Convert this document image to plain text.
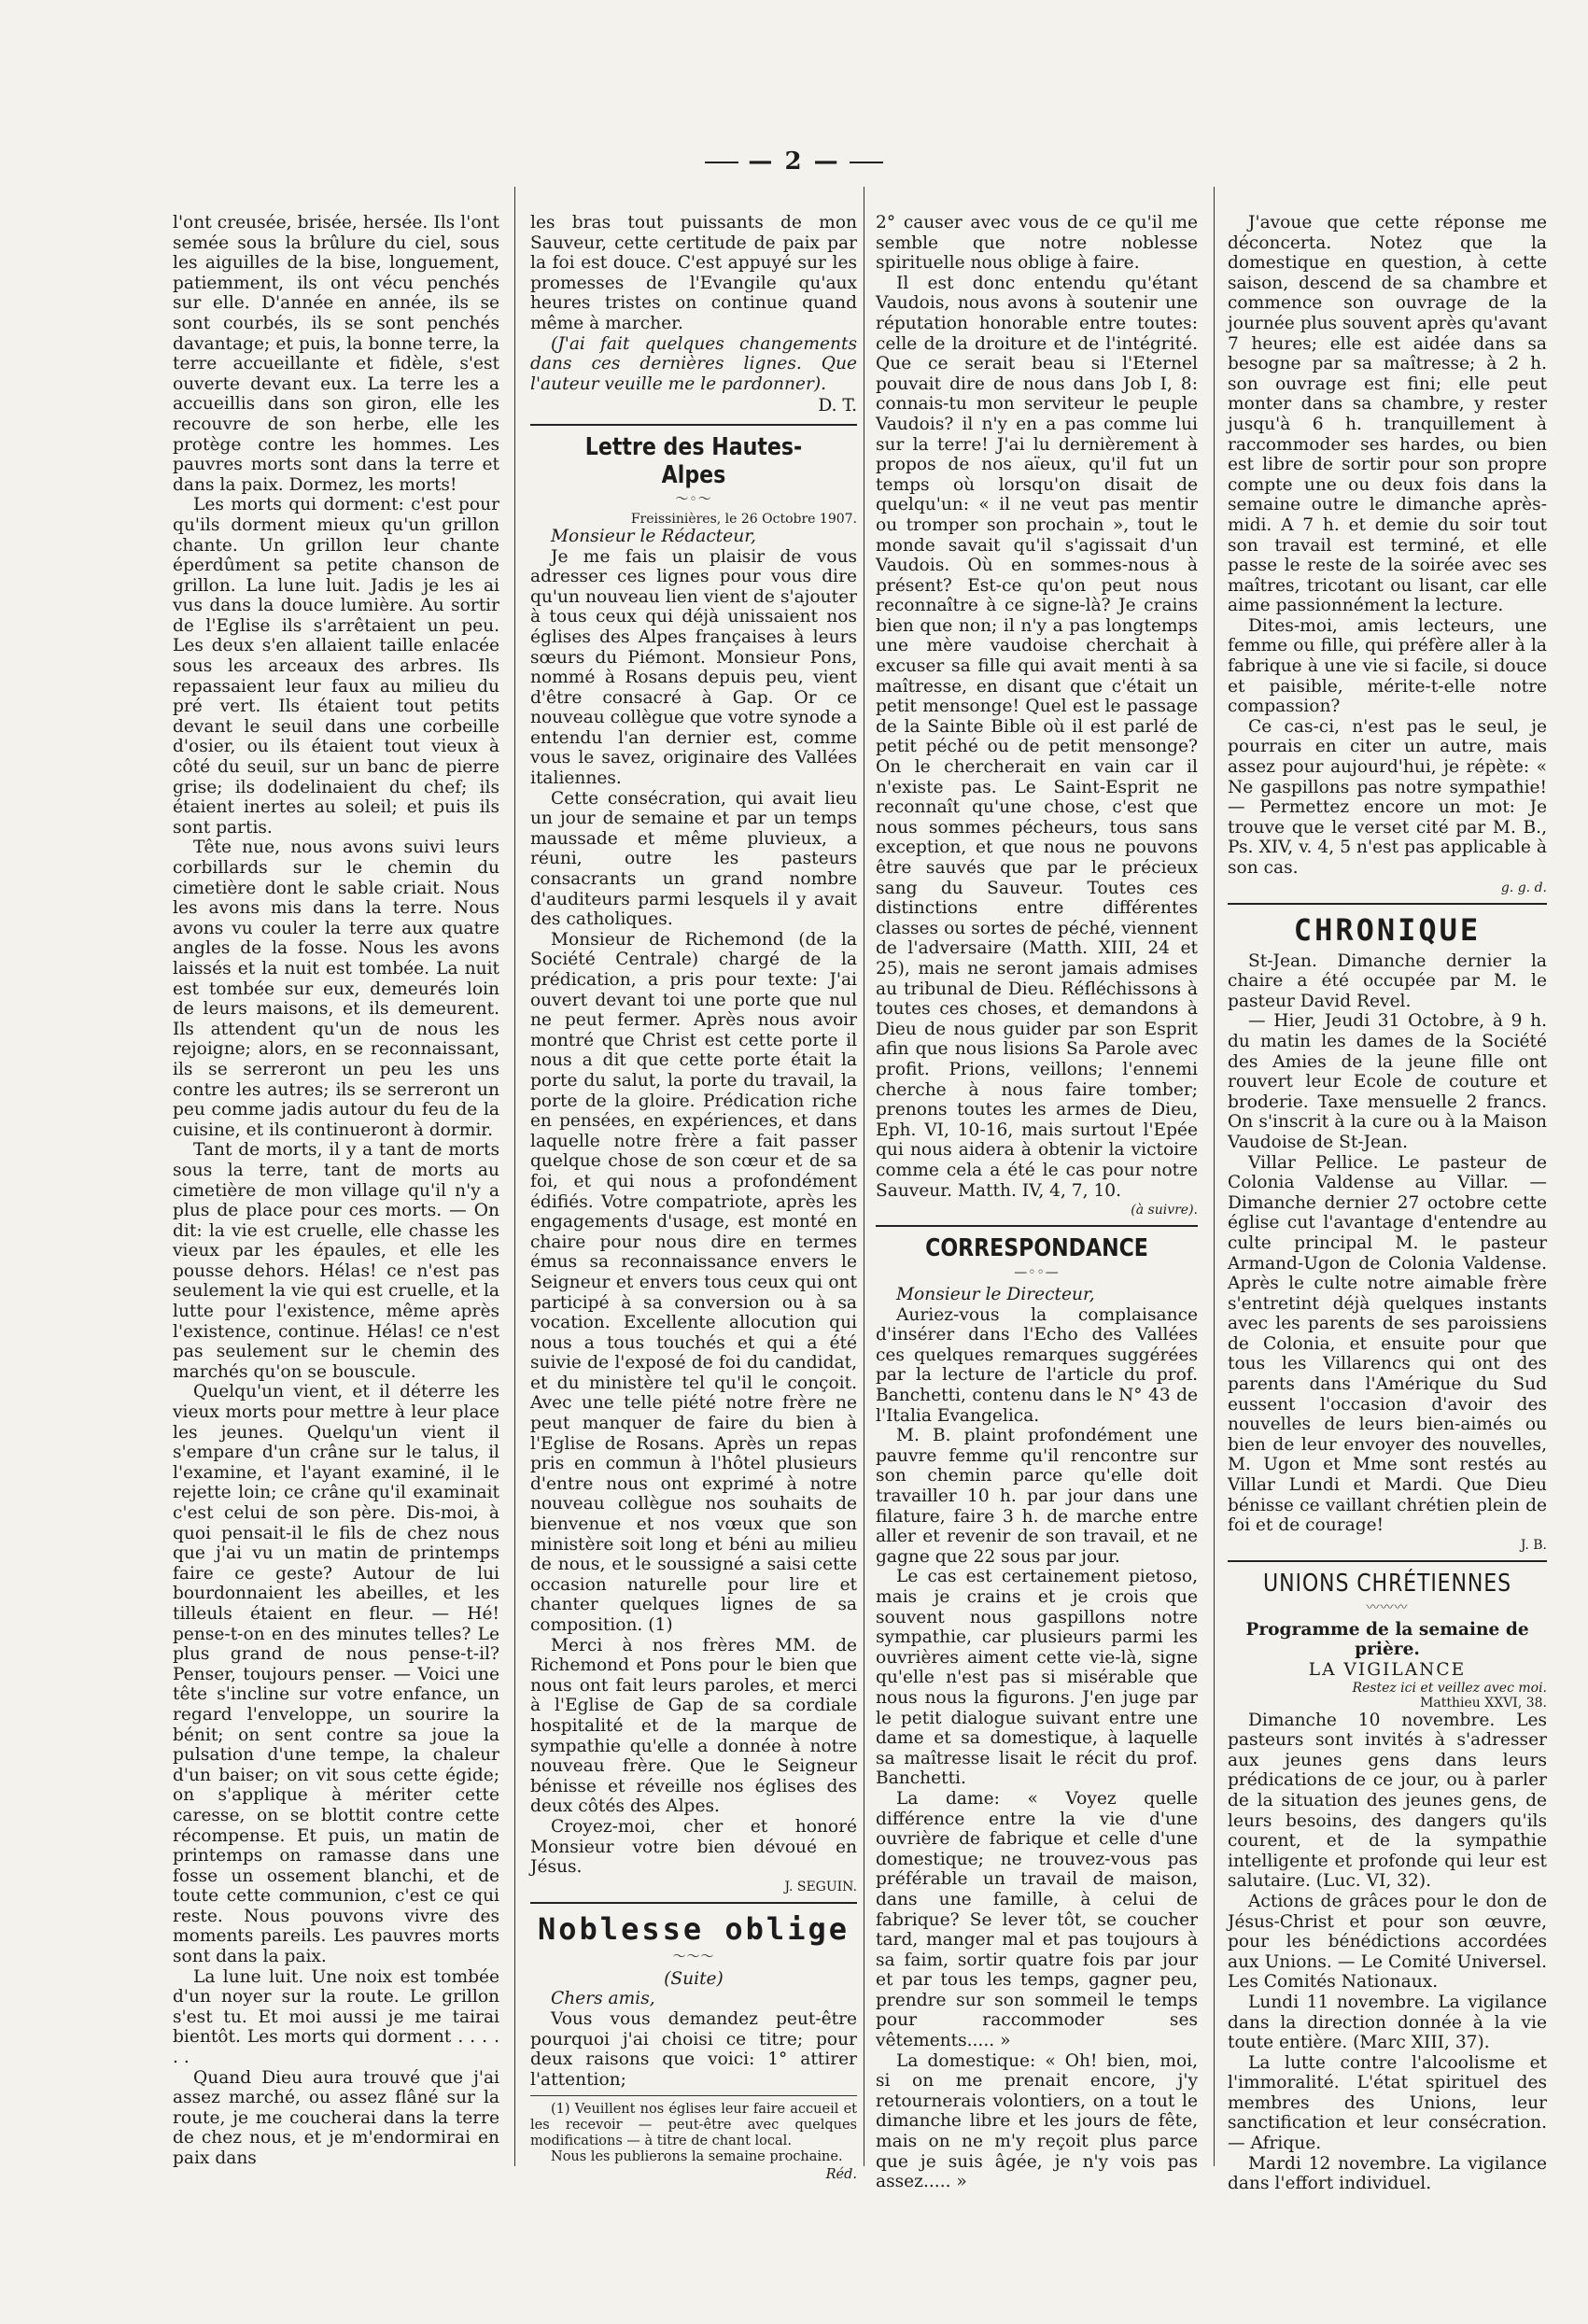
— 2 —

l'ont creusée, brisée, hersée. Ils l'ont semée sous la brûlure du ciel, sous les aiguilles de la bise, longuement, patiemment, ils ont vécu penchés sur elle. D'année en année, ils se sont courbés, ils se sont penchés davantage; et puis, la bonne terre, la terre accueillante et fidèle, s'est ouverte devant eux. La terre les a accueillis dans son giron, elle les recouvre de son herbe, elle les protège contre les hommes. Les pauvres morts sont dans la terre et dans la paix. Dormez, les morts!

Les morts qui dorment: c'est pour qu'ils dorment mieux qu'un grillon chante. Un grillon leur chante éperdûment sa petite chanson de grillon. La lune luit. Jadis je les ai vus dans la douce lumière. Au sortir de l'Eglise ils s'arrêtaient un peu. Les deux s'en allaient taille enlacée sous les arceaux des arbres. Ils repassaient leur faux au milieu du pré vert. Ils étaient tout petits devant le seuil dans une corbeille d'osier, ou ils étaient tout vieux à côté du seuil, sur un banc de pierre grise; ils dodelinaient du chef; ils étaient inertes au soleil; et puis ils sont partis.

Tête nue, nous avons suivi leurs corbillards sur le chemin du cimetière dont le sable criait. Nous les avons mis dans la terre. Nous avons vu couler la terre aux quatre angles de la fosse. Nous les avons laissés et la nuit est tombée. La nuit est tombée sur eux, demeurés loin de leurs maisons, et ils demeurent. Ils attendent qu'un de nous les rejoigne; alors, en se reconnaissant, ils se serreront un peu les uns contre les autres; ils se serreront un peu comme jadis autour du feu de la cuisine, et ils continueront à dormir.

Tant de morts, il y a tant de morts sous la terre, tant de morts au cimetière de mon village qu'il n'y a plus de place pour ces morts. — On dit: la vie est cruelle, elle chasse les vieux par les épaules, et elle les pousse dehors. Hélas! ce n'est pas seulement la vie qui est cruelle, et la lutte pour l'existence, même après l'existence, continue. Hélas! ce n'est pas seulement sur le chemin des marchés qu'on se bouscule.

Quelqu'un vient, et il déterre les vieux morts pour mettre à leur place les jeunes. Quelqu'un vient il s'empare d'un crâne sur le talus, il l'examine, et l'ayant examiné, il le rejette loin; ce crâne qu'il examinait c'est celui de son père. Dis-moi, à quoi pensait-il le fils de chez nous que j'ai vu un matin de printemps faire ce geste? Autour de lui bourdonnaient les abeilles, et les tilleuls étaient en fleur. — Hé! pense-t-on en des minutes telles? Le plus grand de nous pense-t-il? Penser, toujours penser. — Voici une tête s'incline sur votre enfance, un regard l'enveloppe, un sourire la bénit; on sent contre sa joue la pulsation d'une tempe, la chaleur d'un baiser; on vit sous cette égide; on s'applique à mériter cette caresse, on se blottit contre cette récompense. Et puis, un matin de printemps on ramasse dans une fosse un ossement blanchi, et de toute cette communion, c'est ce qui reste. Nous pouvons vivre des moments pareils. Les pauvres morts sont dans la paix.

La lune luit. Une noix est tombée d'un noyer sur la route. Le grillon s'est tu. Et moi aussi je me tairai bientôt. Les morts qui dorment . . . . . .

Quand Dieu aura trouvé que j'ai assez marché, ou assez flâné sur la route, je me coucherai dans la terre de chez nous, et je m'endormirai en paix dans

les bras tout puissants de mon Sauveur, cette certitude de paix par la foi est douce. C'est appuyé sur les promesses de l'Evangile qu'aux heures tristes on continue quand même à marcher.

(J'ai fait quelques changements dans ces dernières lignes. Que l'auteur veuille me le pardonner).

D. T.
Lettre des Hautes-Alpes
〜◦〜
Freissinières, le 26 Octobre 1907.

Monsieur le Rédacteur,

Je me fais un plaisir de vous adresser ces lignes pour vous dire qu'un nouveau lien vient de s'ajouter à tous ceux qui déjà unissaient nos églises des Alpes françaises à leurs sœurs du Piémont. Monsieur Pons, nommé à Rosans depuis peu, vient d'être consacré à Gap. Or ce nouveau collègue que votre synode a entendu l'an dernier est, comme vous le savez, originaire des Vallées italiennes.

Cette consécration, qui avait lieu un jour de semaine et par un temps maussade et même pluvieux, a réuni, outre les pasteurs consacrants un grand nombre d'auditeurs parmi lesquels il y avait des catholiques.

Monsieur de Richemond (de la Société Centrale) chargé de la prédication, a pris pour texte: J'ai ouvert devant toi une porte que nul ne peut fermer. Après nous avoir montré que Christ est cette porte il nous a dit que cette porte était la porte du salut, la porte du travail, la porte de la gloire. Prédication riche en pensées, en expériences, et dans laquelle notre frère a fait passer quelque chose de son cœur et de sa foi, et qui nous a profondément édifiés. Votre compatriote, après les engagements d'usage, est monté en chaire pour nous dire en termes émus sa reconnaissance envers le Seigneur et envers tous ceux qui ont participé à sa conversion ou à sa vocation. Excellente allocution qui nous a tous touchés et qui a été suivie de l'exposé de foi du candidat, et du ministère tel qu'il le conçoit. Avec une telle piété notre frère ne peut manquer de faire du bien à l'Eglise de Rosans. Après un repas pris en commun à l'hôtel plusieurs d'entre nous ont exprimé à notre nouveau collègue nos souhaits de bienvenue et nos vœux que son ministère soit long et béni au milieu de nous, et le soussigné a saisi cette occasion naturelle pour lire et chanter quelques lignes de sa composition. (1)

Merci à nos frères MM. de Richemond et Pons pour le bien que nous ont fait leurs paroles, et merci à l'Eglise de Gap de sa cordiale hospitalité et de la marque de sympathie qu'elle a donnée à notre nouveau frère. Que le Seigneur bénisse et réveille nos églises des deux côtés des Alpes.

Croyez-moi, cher et honoré Monsieur votre bien dévoué en Jésus.

J. SEGUIN.
Noblesse oblige
〜〜〜
(Suite)

Chers amis,

Vous vous demandez peut-être pourquoi j'ai choisi ce titre; pour deux raisons que voici: 1° attirer l'attention;

(1) Veuillent nos églises leur faire accueil et les recevoir — peut-être avec quelques modifications — à titre de chant local.

Nous les publierons la semaine prochaine.

Réd.

2° causer avec vous de ce qu'il me semble que notre noblesse spirituelle nous oblige à faire.

Il est donc entendu qu'étant Vaudois, nous avons à soutenir une réputation honorable entre toutes: celle de la droiture et de l'intégrité. Que ce serait beau si l'Eternel pouvait dire de nous dans Job I, 8: connais-tu mon serviteur le peuple Vaudois? il n'y en a pas comme lui sur la terre! J'ai lu dernièrement à propos de nos aïeux, qu'il fut un temps où lorsqu'on disait de quelqu'un: « il ne veut pas mentir ou tromper son prochain », tout le monde savait qu'il s'agissait d'un Vaudois. Où en sommes-nous à présent? Est-ce qu'on peut nous reconnaître à ce signe-là? Je crains bien que non; il n'y a pas longtemps une mère vaudoise cherchait à excuser sa fille qui avait menti à sa maîtresse, en disant que c'était un petit mensonge! Quel est le passage de la Sainte Bible où il est parlé de petit péché ou de petit mensonge? On le chercherait en vain car il n'existe pas. Le Saint-Esprit ne reconnaît qu'une chose, c'est que nous sommes pécheurs, tous sans exception, et que nous ne pouvons être sauvés que par le précieux sang du Sauveur. Toutes ces distinctions entre différentes classes ou sortes de péché, viennent de l'adversaire (Matth. XIII, 24 et 25), mais ne seront jamais admises au tribunal de Dieu. Réfléchissons à toutes ces choses, et demandons à Dieu de nous guider par son Esprit afin que nous lisions Sa Parole avec profit. Prions, veillons; l'ennemi cherche à nous faire tomber; prenons toutes les armes de Dieu, Eph. VI, 10-16, mais surtout l'Epée qui nous aidera à obtenir la victoire comme cela a été le cas pour notre Sauveur. Matth. IV, 4, 7, 10.

(à suivre).
CORRESPONDANCE
—◦◦—

Monsieur le Directeur,

Auriez-vous la complaisance d'insérer dans l'Echo des Vallées ces quelques remarques suggérées par la lecture de l'article du prof. Banchetti, contenu dans le N° 43 de l'Italia Evangelica.

M. B. plaint profondément une pauvre femme qu'il rencontre sur son chemin parce qu'elle doit travailler 10 h. par jour dans une filature, faire 3 h. de marche entre aller et revenir de son travail, et ne gagne que 22 sous par jour.

Le cas est certainement pietoso, mais je crains et je crois que souvent nous gaspillons notre sympathie, car plusieurs parmi les ouvrières aiment cette vie-là, signe qu'elle n'est pas si misérable que nous nous la figurons. J'en juge par le petit dialogue suivant entre une dame et sa domestique, à laquelle sa maîtresse lisait le récit du prof. Banchetti.

La dame: « Voyez quelle différence entre la vie d'une ouvrière de fabrique et celle d'une domestique; ne trouvez-vous pas préférable un travail de maison, dans une famille, à celui de fabrique? Se lever tôt, se coucher tard, manger mal et pas toujours à sa faim, sortir quatre fois par jour et par tous les temps, gagner peu, prendre sur son sommeil le temps pour raccommoder ses vêtements..... »

La domestique: « Oh! bien, moi, si on me prenait encore, j'y retournerais volontiers, on a tout le dimanche libre et les jours de fête, mais on ne m'y reçoit plus parce que je suis âgée, je n'y vois pas assez..... »

J'avoue que cette réponse me déconcerta. Notez que la domestique en question, à cette saison, descend de sa chambre et commence son ouvrage de la journée plus souvent après qu'avant 7 heures; elle est aidée dans sa besogne par sa maîtresse; à 2 h. son ouvrage est fini; elle peut monter dans sa chambre, y rester jusqu'à 6 h. tranquillement à raccommoder ses hardes, ou bien est libre de sortir pour son propre compte une ou deux fois dans la semaine outre le dimanche après-midi. A 7 h. et demie du soir tout son travail est terminé, et elle passe le reste de la soirée avec ses maîtres, tricotant ou lisant, car elle aime passionnément la lecture.

Dites-moi, amis lecteurs, une femme ou fille, qui préfère aller à la fabrique à une vie si facile, si douce et paisible, mérite-t-elle notre compassion?

Ce cas-ci, n'est pas le seul, je pourrais en citer un autre, mais assez pour aujourd'hui, je répète: « Ne gaspillons pas notre sympathie! — Permettez encore un mot: Je trouve que le verset cité par M. B., Ps. XIV, v. 4, 5 n'est pas applicable à son cas.

g. g. d.
CHRONIQUE

St-Jean. Dimanche dernier la chaire a été occupée par M. le pasteur David Revel.

— Hier, Jeudi 31 Octobre, à 9 h. du matin les dames de la Société des Amies de la jeune fille ont rouvert leur Ecole de couture et broderie. Taxe mensuelle 2 francs. On s'inscrit à la cure ou à la Maison Vaudoise de St-Jean.

Villar Pellice. Le pasteur de Colonia Valdense au Villar. — Dimanche dernier 27 octobre cette église cut l'avantage d'entendre au culte principal M. le pasteur Armand-Ugon de Colonia Valdense. Après le culte notre aimable frère s'entretint déjà quelques instants avec les parents de ses paroissiens de Colonia, et ensuite pour que tous les Villarencs qui ont des parents dans l'Amérique du Sud eussent l'occasion d'avoir des nouvelles de leurs bien-aimés ou bien de leur envoyer des nouvelles, M. Ugon et Mme sont restés au Villar Lundi et Mardi. Que Dieu bénisse ce vaillant chrétien plein de foi et de courage!

J. B.
UNIONS CHRÉTIENNES
〰〰〰
Programme de la semaine de prière.
LA VIGILANCE
Restez ici et veillez avec moi.
Matthieu XXVI, 38.

Dimanche 10 novembre. Les pasteurs sont invités à s'adresser aux jeunes gens dans leurs prédications de ce jour, ou à parler de la situation des jeunes gens, de leurs besoins, des dangers qu'ils courent, et de la sympathie intelligente et profonde qui leur est salutaire. (Luc. VI, 32).

Actions de grâces pour le don de Jésus-Christ et pour son œuvre, pour les bénédictions accordées aux Unions. — Le Comité Universel. Les Comités Nationaux.

Lundi 11 novembre. La vigilance dans la direction donnée à la vie toute entière. (Marc XIII, 37).

La lutte contre l'alcoolisme et l'immoralité. L'état spirituel des membres des Unions, leur sanctification et leur consécration. — Afrique.

Mardi 12 novembre. La vigilance dans l'effort individuel.
